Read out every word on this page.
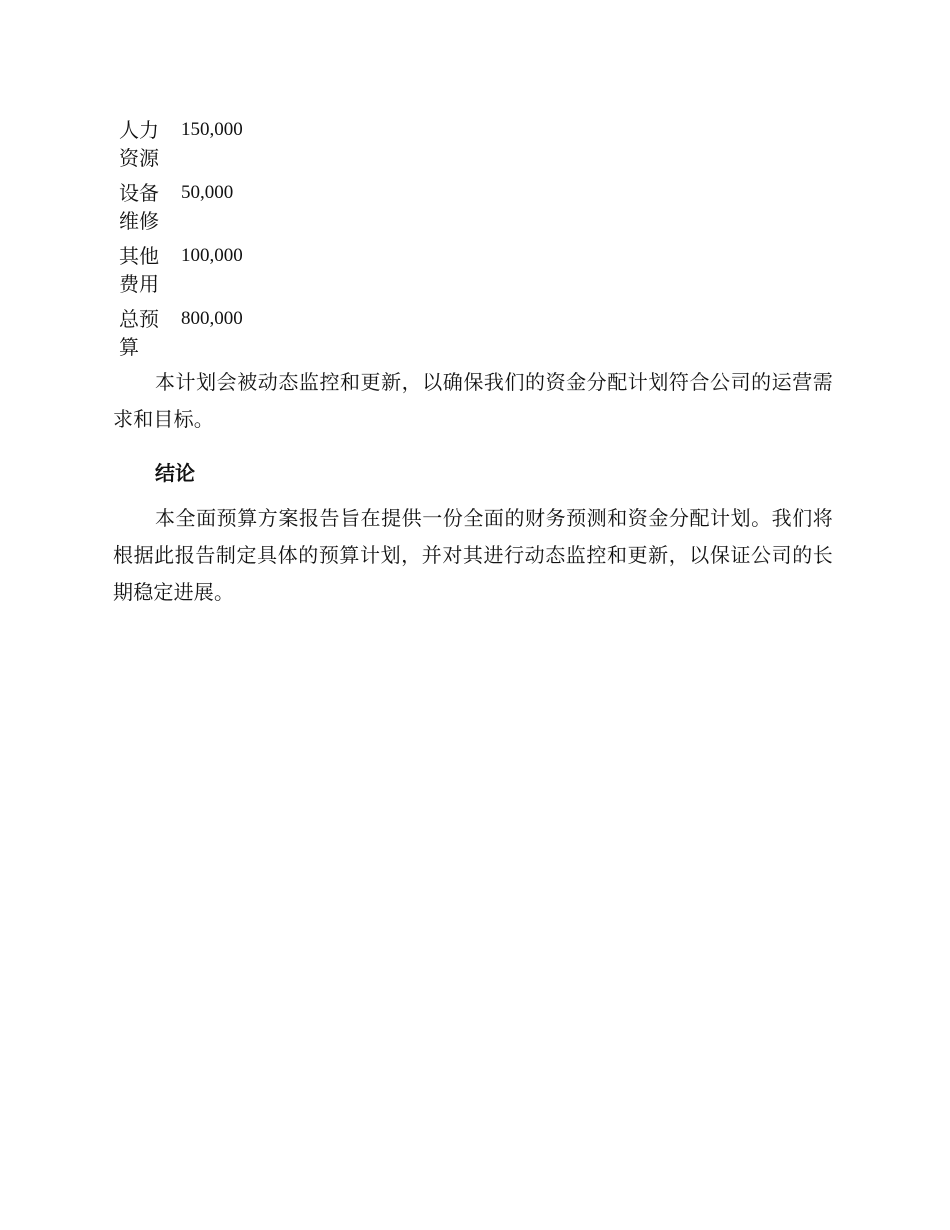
人力资源	150,000
设备维修	50,000
其他费用	100,000
总预算	800,000

本计划会被动态监控和更新，以确保我们的资金分配计划符合公司的运营需求和目标。

结论

本全面预算方案报告旨在提供一份全面的财务预测和资金分配计划。我们将根据此报告制定具体的预算计划，并对其进行动态监控和更新，以保证公司的长期稳定进展。
